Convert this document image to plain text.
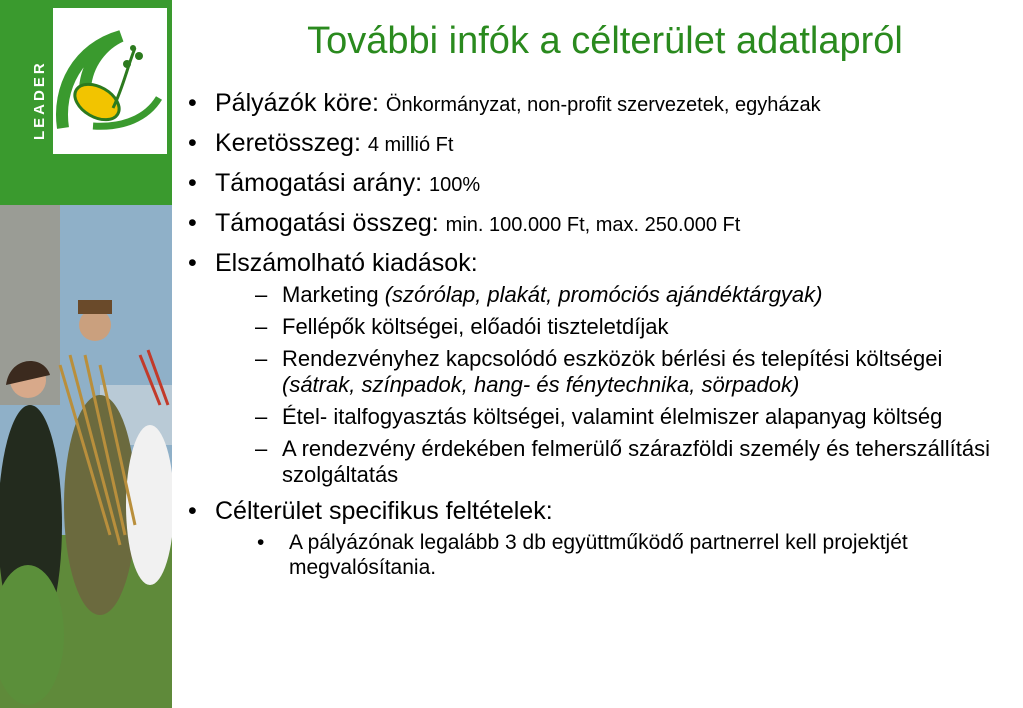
LEADER
További infók a célterület adatlapról
• Pályázók köre: Önkormányzat, non-profit szervezetek, egyházak
• Keretösszeg: 4 millió Ft
• Támogatási arány: 100%
• Támogatási összeg: min. 100.000 Ft, max. 250.000 Ft
• Elszámolható kiadások:
– Marketing (szórólap, plakát, promóciós ajándéktárgyak)
– Fellépők költségei, előadói tiszteletdíjak
– Rendezvényhez kapcsolódó eszközök bérlési és telepítési költségei (sátrak, színpadok, hang- és fénytechnika, sörpadok)
– Étel- italfogyasztás költségei, valamint élelmiszer alapanyag költség
– A rendezvény érdekében felmerülő szárazföldi személy és teherszállítási szolgáltatás
• Célterület specifikus feltételek:
• A pályázónak legalább 3 db együttműködő partnerrel kell projektjét megvalósítania.
